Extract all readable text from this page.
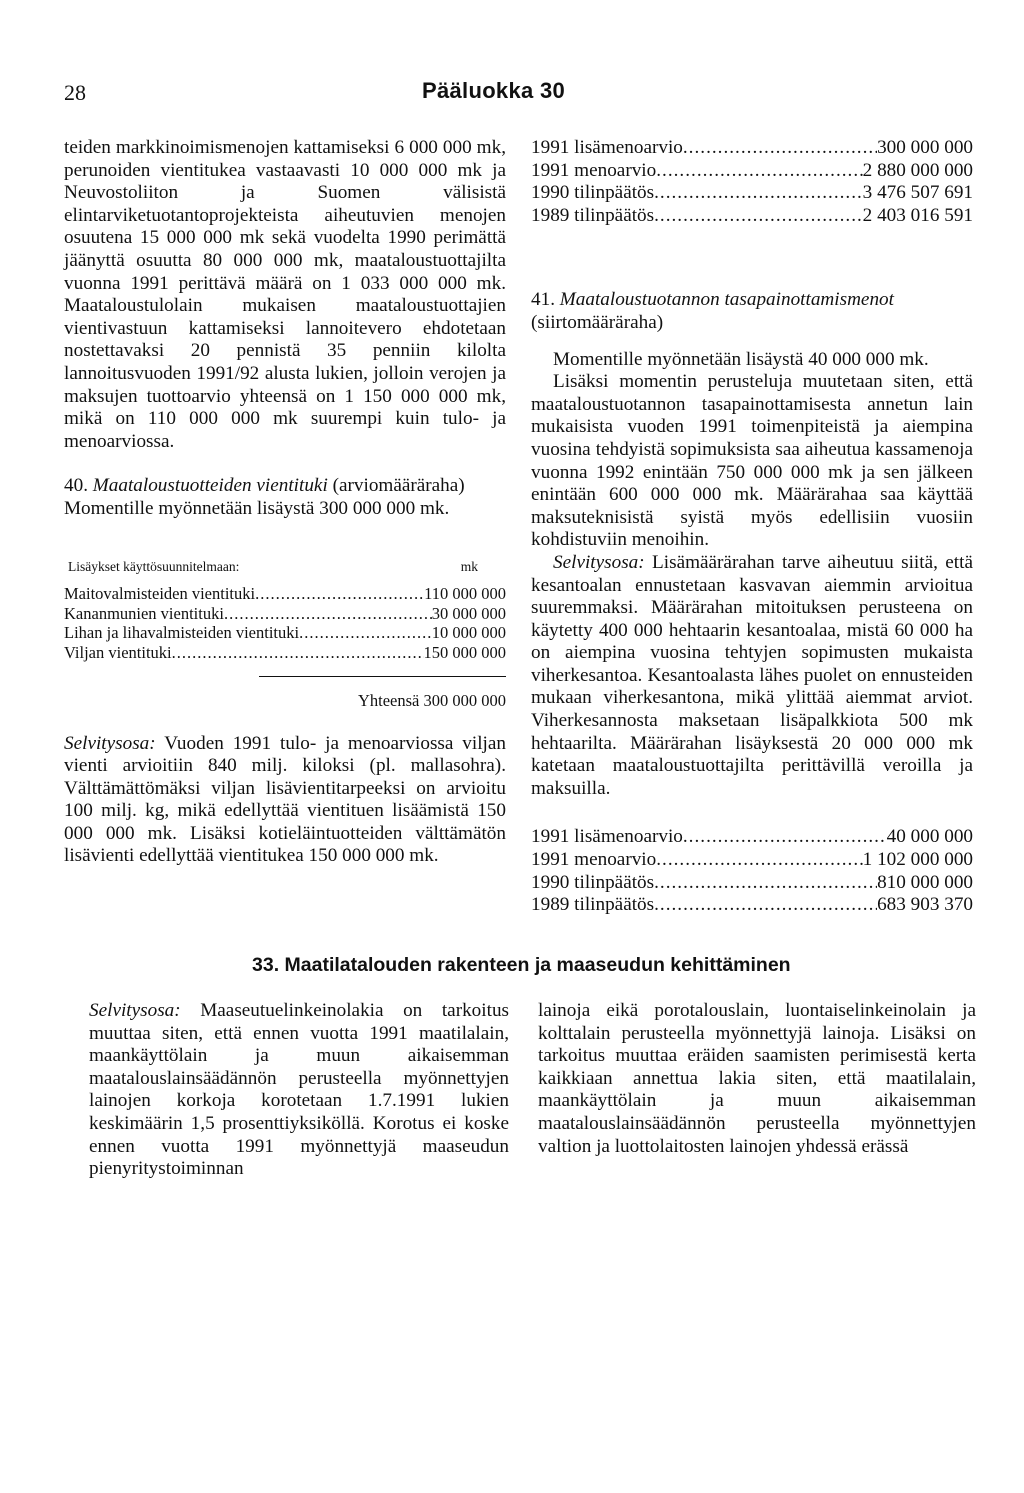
28	Pääluokka 30

teiden markkinoimismenojen kattamiseksi 6 000 000 mk, perunoiden vientitukea vastaavasti 10 000 000 mk ja Neuvostoliiton ja Suomen välisistä elintarviketuotantoprojekteista aiheutuvien menojen osuutena 15 000 000 mk sekä vuodelta 1990 perimättä jäänyttä osuutta 80 000 000 mk, maataloustuottajilta vuonna 1991 perittävä määrä on 1 033 000 000 mk. Maataloustulolain mukaisen maataloustuottajien vientivastuun kattamiseksi lannoitevero ehdotetaan nostettavaksi 20 pennistä 35 penniin kilolta lannoitusvuoden 1991/92 alusta lukien, jolloin verojen ja maksujen tuottoarvio yhteensä on 1 150 000 000 mk, mikä on 110 000 000 mk suurempi kuin tulo- ja menoarviossa.

40. Maataloustuotteiden vientituki (arviomääräraha)

Momentille myönnetään lisäystä 300 000 000 mk.

Lisäykset käyttösuunnitelmaan:	mk
Maitovalmisteiden vientituki .....	110 000 000
Kananmunien vientituki .....	30 000 000
Lihan ja lihavalmisteiden vientituki .....	10 000 000
Viljan vientituki .....	150 000 000
Yhteensä 300 000 000

Selvitysosa: Vuoden 1991 tulo- ja menoarviossa viljan vienti arvioitiin 840 milj. kiloksi (pl. mallasohra). Välttämättömäksi viljan lisävientitarpeeksi on arvioitu 100 milj. kg, mikä edellyttää vientituen lisäämistä 150 000 000 mk. Lisäksi kotieläintuotteiden välttämätön lisävienti edellyttää vientitukea 150 000 000 mk.

1991 lisämenoarvio .....	300 000 000
1991 menoarvio .....	2 880 000 000
1990 tilinpäätös .....	3 476 507 691
1989 tilinpäätös .....	2 403 016 591

41. Maataloustuotannon tasapainottamismenot (siirtomääräraha)

Momentille myönnetään lisäystä 40 000 000 mk.

Lisäksi momentin perusteluja muutetaan siten, että maataloustuotannon tasapainottamisesta annetun lain mukaisista vuoden 1991 toimenpiteistä ja aiempina vuosina tehdyistä sopimuksista saa aiheutua kassamenoja vuonna 1992 enintään 750 000 000 mk ja sen jälkeen enintään 600 000 000 mk. Määrärahaa saa käyttää maksuteknisistä syistä myös edellisiin vuosiin kohdistuviin menoihin.

Selvitysosa: Lisämäärärahan tarve aiheutuu siitä, että kesantoalan ennustetaan kasvavan aiemmin arvioitua suuremmaksi. Määrärahan mitoituksen perusteena on käytetty 400 000 hehtaarin kesantoalaa, mistä 60 000 ha on aiempina vuosina tehtyjen sopimusten mukaista viherkesantoa. Kesantoalasta lähes puolet on ennusteiden mukaan viherkesantona, mikä ylittää aiemmat arviot. Viherkesannosta maksetaan lisäpalkkiota 500 mk hehtaarilta. Määrärahan lisäyksestä 20 000 000 mk katetaan maataloustuottajilta perittävillä veroilla ja maksuilla.

1991 lisämenoarvio .....	40 000 000
1991 menoarvio .....	1 102 000 000
1990 tilinpäätös .....	810 000 000
1989 tilinpäätös .....	683 903 370
33. Maatilatalouden rakenteen ja maaseudun kehittäminen

Selvitysosa: Maaseutuelinkeinolakia on tarkoitus muuttaa siten, että ennen vuotta 1991 maatilalain, maankäyttölain ja muun aikaisemman maatalouslainsäädännön perusteella myönnettyjen lainojen korkoja korotetaan 1.7.1991 lukien keskimäärin 1,5 prosenttiyksiköllä. Korotus ei koske ennen vuotta 1991 myönnettyjä maaseudun pienyritystoiminnan

lainoja eikä porotalouslain, luontaiselinkeinolain ja kolttalain perusteella myönnettyjä lainoja. Lisäksi on tarkoitus muuttaa eräiden saamisten perimisestä kerta kaikkiaan annettua lakia siten, että maatilalain, maankäyttölain ja muun aikaisemman maatalouslainsäädännön perusteella myönnettyjen valtion ja luottolaitosten lainojen yhdessä erässä
